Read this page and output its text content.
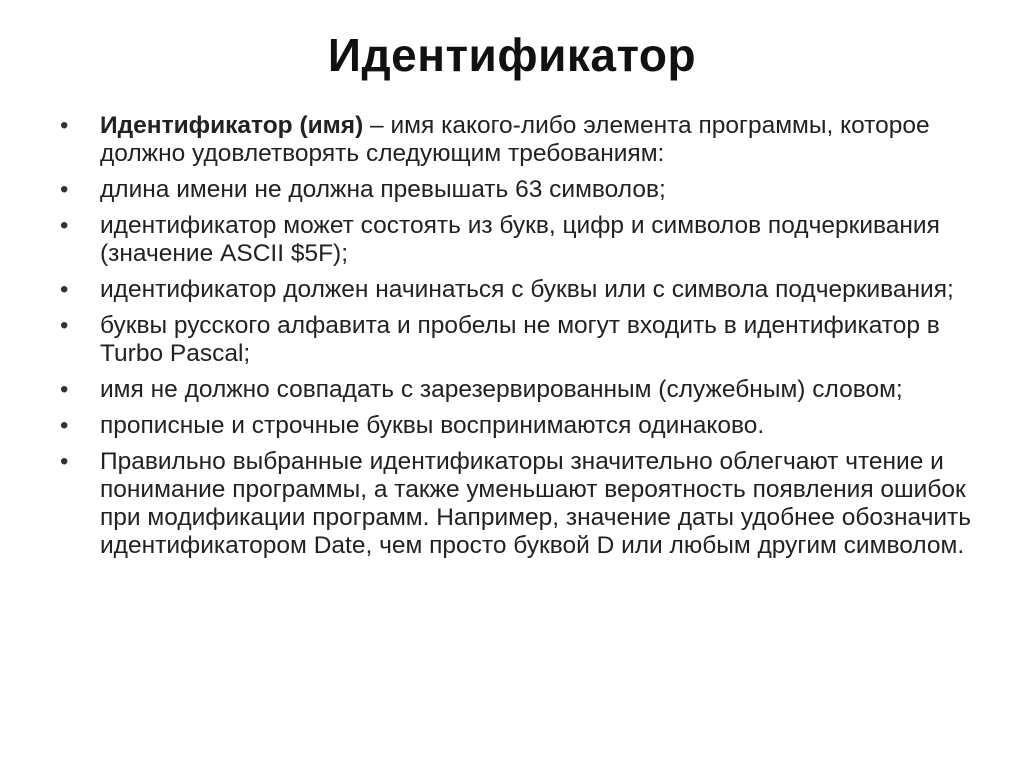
Идентификатор
•	Идентификатор (имя) – имя какого-либо элемента программы, которое должно удовлетворять следующим требованиям:
•	длина имени не должна превышать 63 символов;
•	идентификатор может состоять из букв, цифр и символов подчеркивания (значение ASCII $5F);
•	идентификатор должен начинаться с буквы или с символа подчеркивания;
•	буквы русского алфавита и пробелы не могут входить в идентификатор в Turbo Pascal;
•	имя не должно совпадать с зарезервированным (служебным) словом;
•	прописные и строчные буквы воспринимаются одинаково.
•	Правильно выбранные идентификаторы значительно облегчают чтение и понимание программы, а также уменьшают вероятность появления ошибок при модификации программ. Например, значение даты удобнее обозначить идентификатором Date, чем просто буквой D или любым другим символом.
